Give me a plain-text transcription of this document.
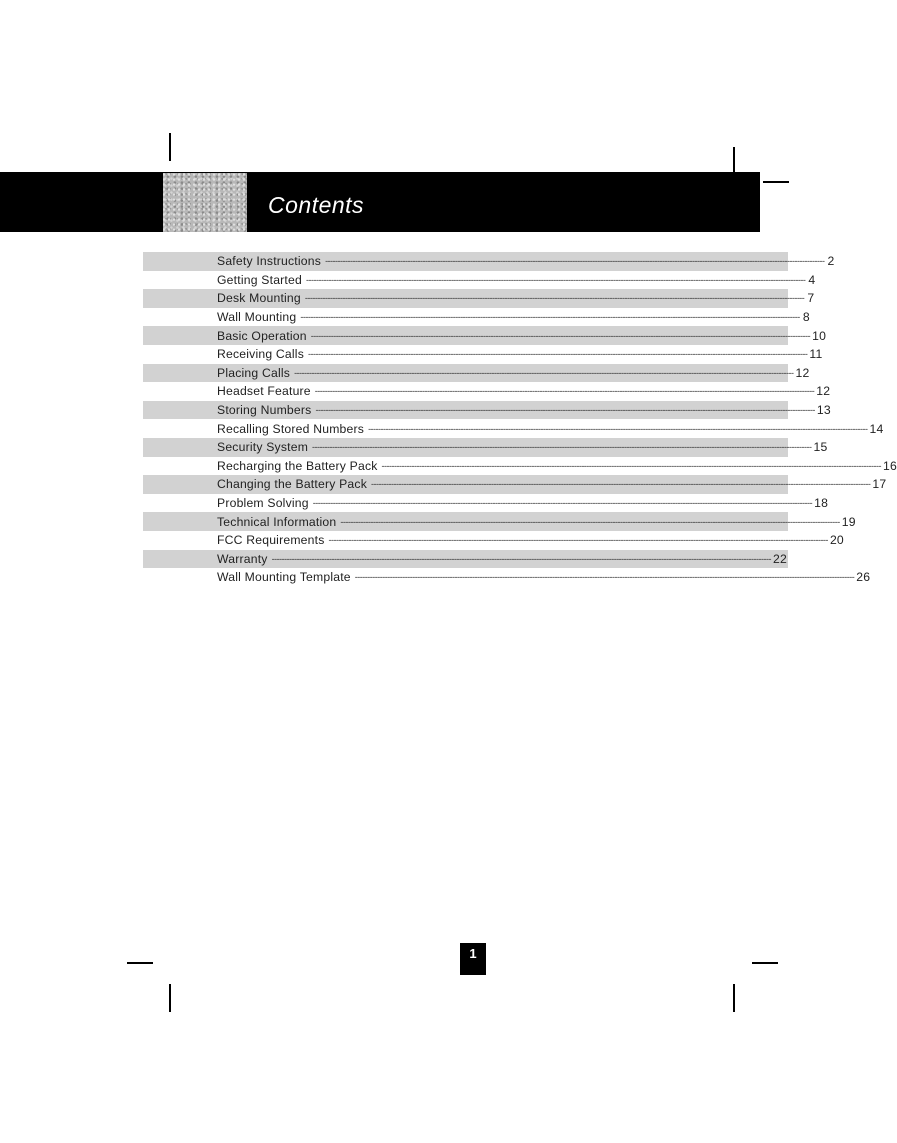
Contents
Safety Instructions -------------------------------------------------------------------------------------------------------------------------------------------------------------------------------------------------------- 2
Getting Started -------------------------------------------------------------------------------------------------------------------------------------------------------------------------------------------------------- 4
Desk Mounting -------------------------------------------------------------------------------------------------------------------------------------------------------------------------------------------------------- 7
Wall Mounting -------------------------------------------------------------------------------------------------------------------------------------------------------------------------------------------------------- 8
Basic Operation -------------------------------------------------------------------------------------------------------------------------------------------------------------------------------------------------------- 10
Receiving Calls -------------------------------------------------------------------------------------------------------------------------------------------------------------------------------------------------------- 11
Placing Calls -------------------------------------------------------------------------------------------------------------------------------------------------------------------------------------------------------- 12
Headset Feature -------------------------------------------------------------------------------------------------------------------------------------------------------------------------------------------------------- 12
Storing Numbers -------------------------------------------------------------------------------------------------------------------------------------------------------------------------------------------------------- 13
Recalling Stored Numbers -------------------------------------------------------------------------------------------------------------------------------------------------------------------------------------------------------- 14
Security System -------------------------------------------------------------------------------------------------------------------------------------------------------------------------------------------------------- 15
Recharging the Battery Pack -------------------------------------------------------------------------------------------------------------------------------------------------------------------------------------------------------- 16
Changing the Battery Pack -------------------------------------------------------------------------------------------------------------------------------------------------------------------------------------------------------- 17
Problem Solving -------------------------------------------------------------------------------------------------------------------------------------------------------------------------------------------------------- 18
Technical Information -------------------------------------------------------------------------------------------------------------------------------------------------------------------------------------------------------- 19
FCC Requirements -------------------------------------------------------------------------------------------------------------------------------------------------------------------------------------------------------- 20
Warranty -------------------------------------------------------------------------------------------------------------------------------------------------------------------------------------------------------- 22
Wall Mounting Template -------------------------------------------------------------------------------------------------------------------------------------------------------------------------------------------------------- 26
1
